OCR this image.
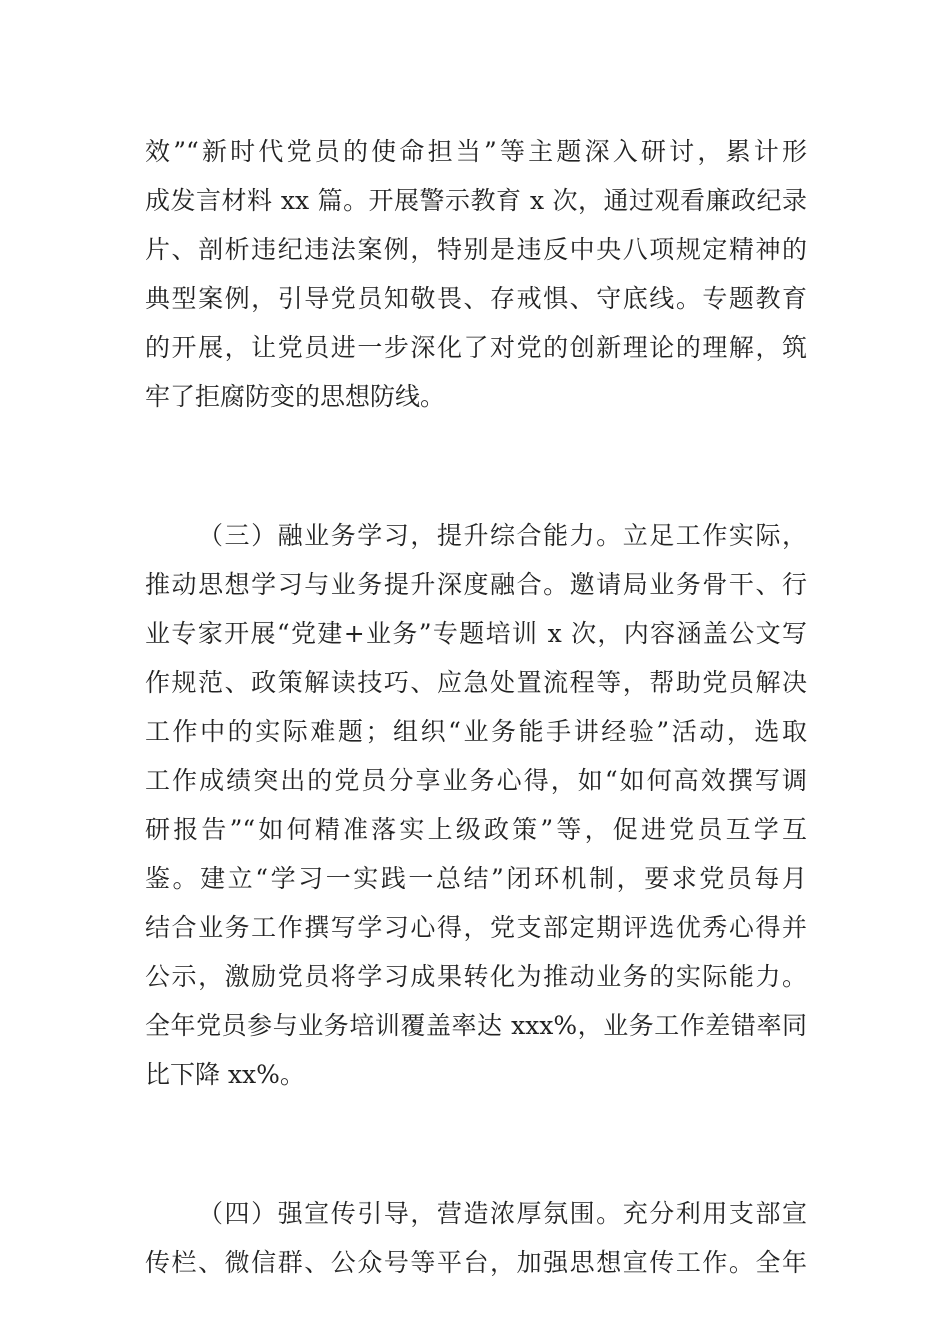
效”“新时代党员的使命担当”等主题深入研讨，累计形
成发言材料 xx 篇。开展警示教育 x 次，通过观看廉政纪录
片、剖析违纪违法案例，特别是违反中央八项规定精神的
典型案例，引导党员知敬畏、存戒惧、守底线。专题教育
的开展，让党员进一步深化了对党的创新理论的理解，筑
牢了拒腐防变的思想防线。
（三）融业务学习，提升综合能力。立足工作实际，
推动思想学习与业务提升深度融合。邀请局业务骨干、行
业专家开展“党建+业务”专题培训 x 次，内容涵盖公文写
作规范、政策解读技巧、应急处置流程等，帮助党员解决
工作中的实际难题；组织“业务能手讲经验”活动，选取
工作成绩突出的党员分享业务心得，如“如何高效撰写调
研报告”“如何精准落实上级政策”等，促进党员互学互
鉴。建立“学习一实践一总结”闭环机制，要求党员每月
结合业务工作撰写学习心得，党支部定期评选优秀心得并
公示，激励党员将学习成果转化为推动业务的实际能力。
全年党员参与业务培训覆盖率达 xxx%，业务工作差错率同
比下降 xx%。
（四）强宣传引导，营造浓厚氛围。充分利用支部宣
传栏、微信群、公众号等平台，加强思想宣传工作。全年
